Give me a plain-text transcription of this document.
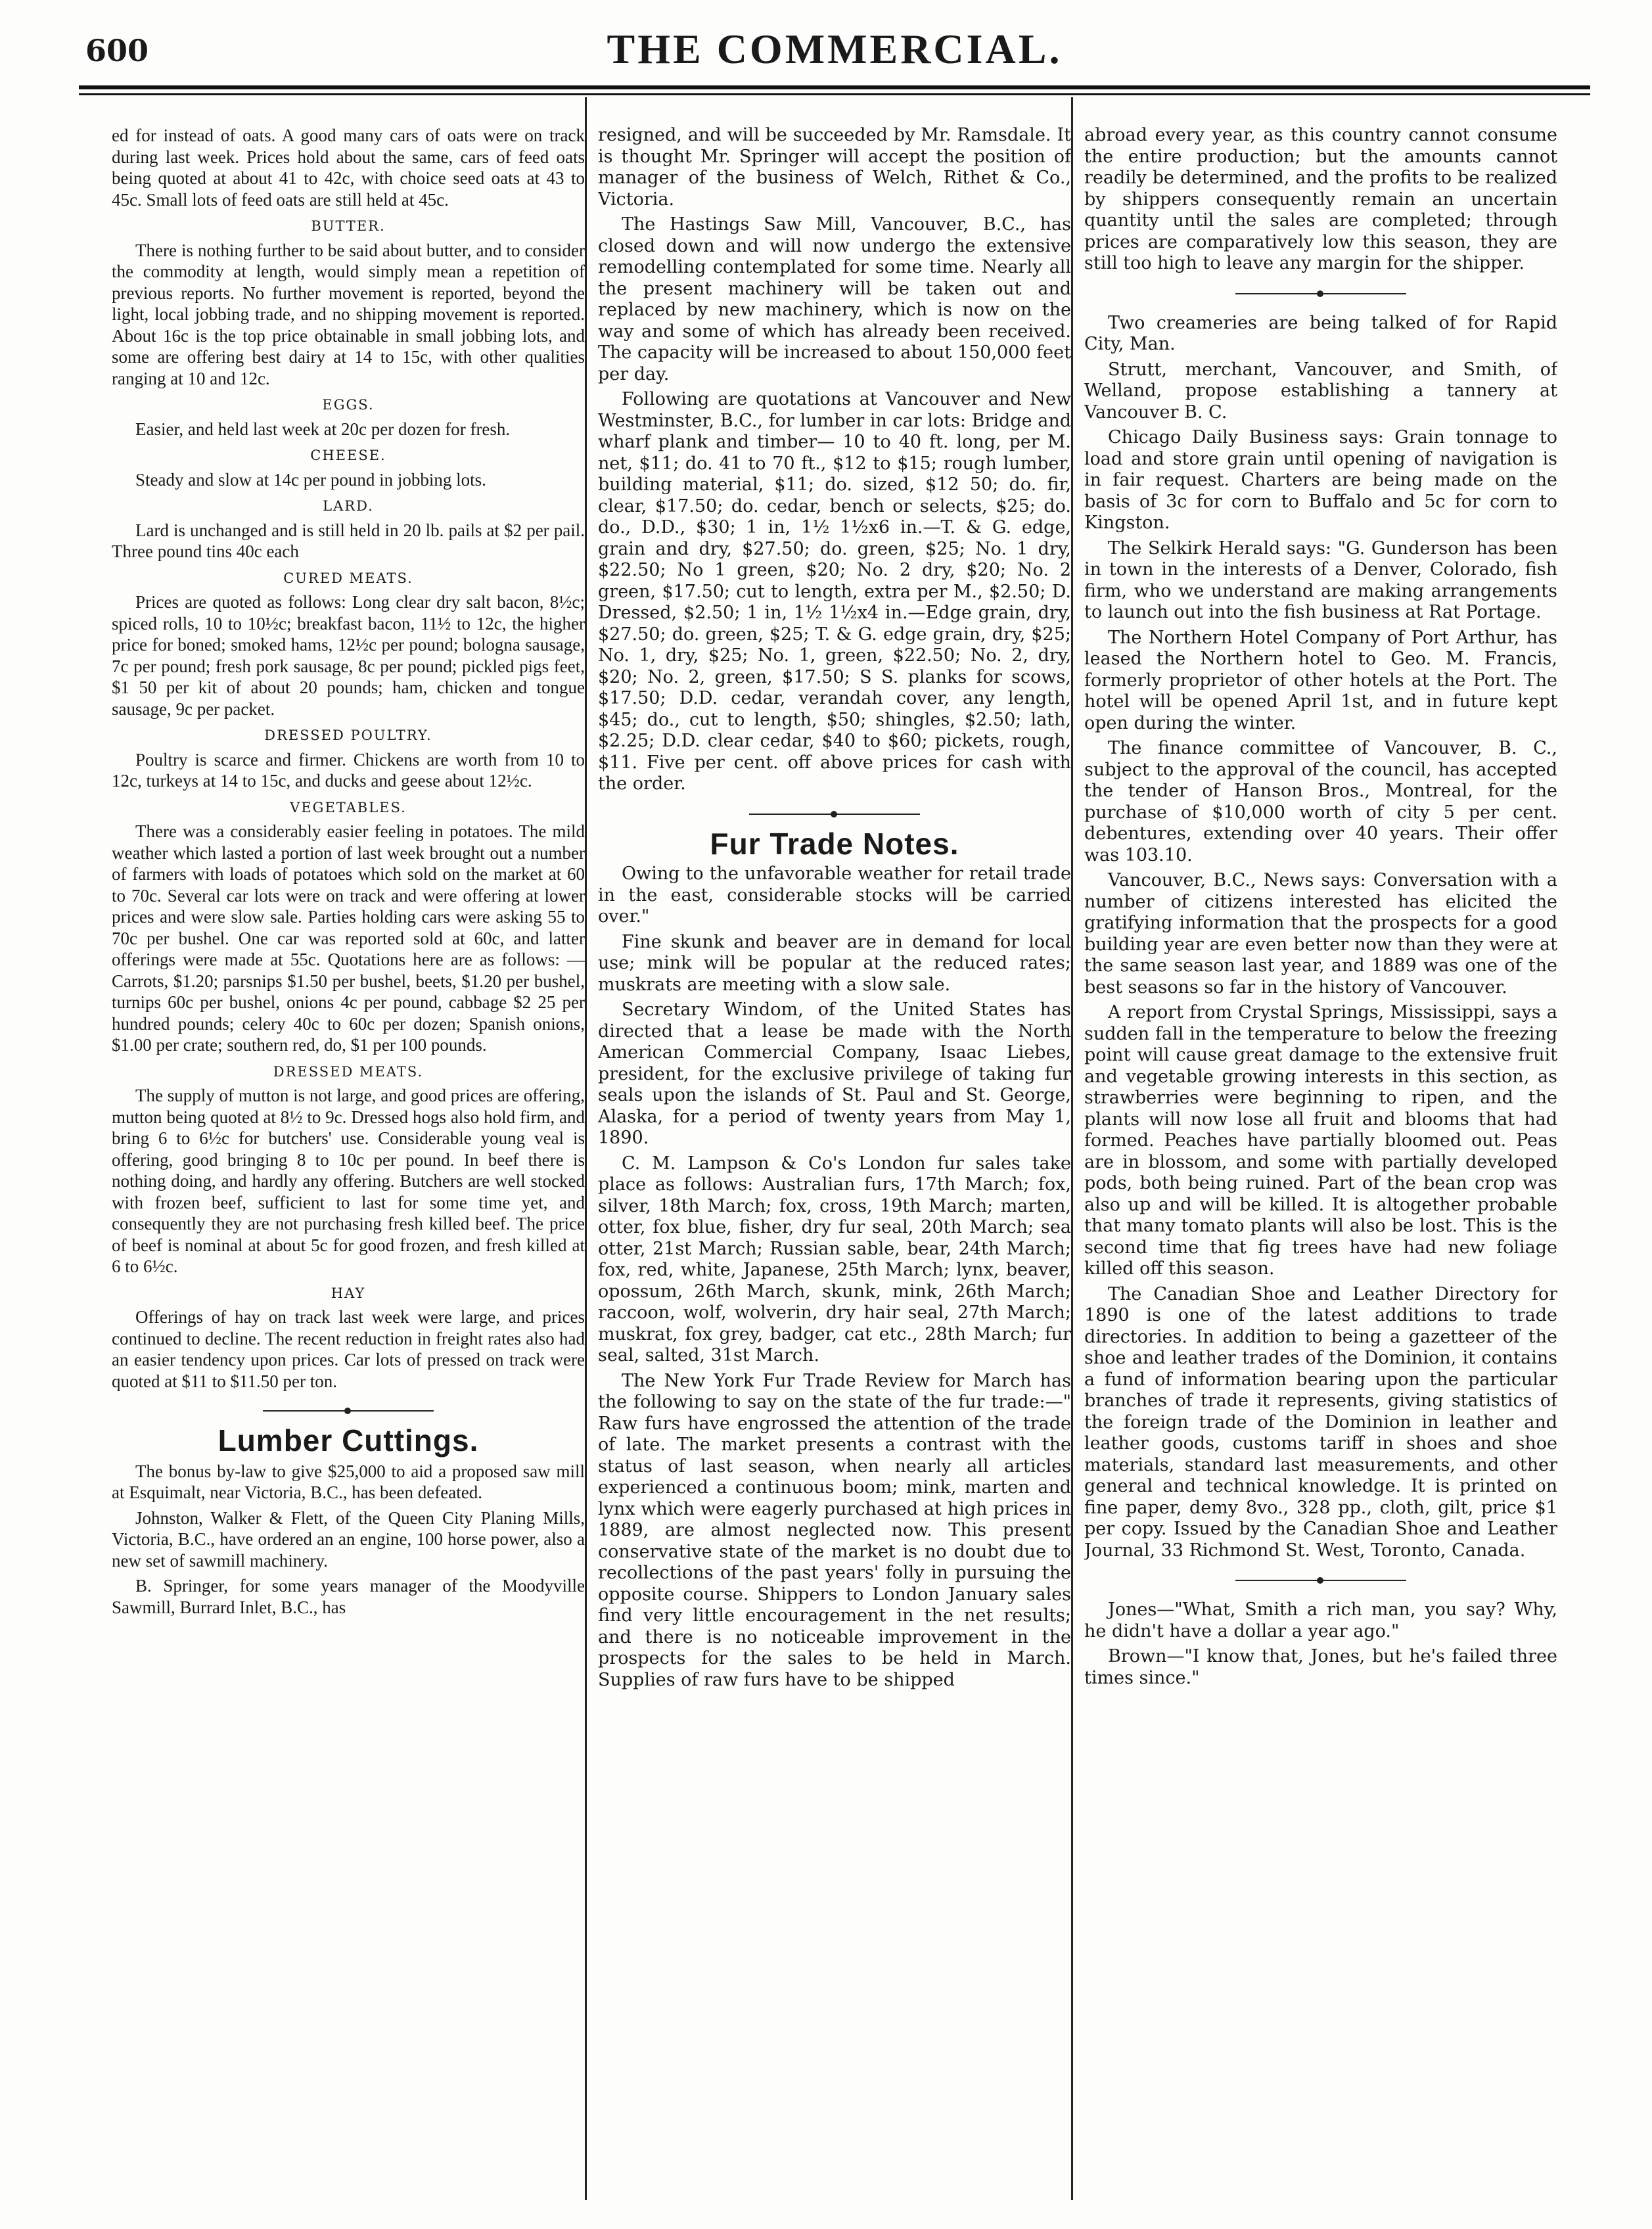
600	THE COMMERCIAL.

ed for instead of oats. A good many cars of oats were on track during last week. Prices hold about the same, cars of feed oats being quoted at about 41 to 42c, with choice seed oats at 43 to 45c. Small lots of feed oats are still held at 45c.

BUTTER.

There is nothing further to be said about butter, and to consider the commodity at length, would simply mean a repetition of previous reports. No further movement is reported, beyond the light, local jobbing trade, and no shipping movement is reported. About 16c is the top price obtainable in small jobbing lots, and some are offering best dairy at 14 to 15c, with other qualities ranging at 10 and 12c.

EGGS.

Easier, and held last week at 20c per dozen for fresh.

CHEESE.

Steady and slow at 14c per pound in jobbing lots.

LARD.

Lard is unchanged and is still held in 20 lb. pails at $2 per pail. Three pound tins 40c each

CURED MEATS.

Prices are quoted as follows: Long clear dry salt bacon, 8½c; spiced rolls, 10 to 10½c; breakfast bacon, 11½ to 12c, the higher price for boned; smoked hams, 12½c per pound; bologna sausage, 7c per pound; fresh pork sausage, 8c per pound; pickled pigs feet, $1 50 per kit of about 20 pounds; ham, chicken and tongue sausage, 9c per packet.

DRESSED POULTRY.

Poultry is scarce and firmer. Chickens are worth from 10 to 12c, turkeys at 14 to 15c, and ducks and geese about 12½c.

VEGETABLES.

There was a considerably easier feeling in potatoes. The mild weather which lasted a portion of last week brought out a number of farmers with loads of potatoes which sold on the market at 60 to 70c. Several car lots were on track and were offering at lower prices and were slow sale. Parties holding cars were asking 55 to 70c per bushel. One car was reported sold at 60c, and latter offerings were made at 55c. Quotations here are as follows: —Carrots, $1.20; parsnips $1.50 per bushel, beets, $1.20 per bushel, turnips 60c per bushel, onions 4c per pound, cabbage $2 25 per hundred pounds; celery 40c to 60c per dozen; Spanish onions, $1.00 per crate; southern red, do, $1 per 100 pounds.

DRESSED MEATS.

The supply of mutton is not large, and good prices are offering, mutton being quoted at 8½ to 9c. Dressed hogs also hold firm, and bring 6 to 6½c for butchers' use. Considerable young veal is offering, good bringing 8 to 10c per pound. In beef there is nothing doing, and hardly any offering. Butchers are well stocked with frozen beef, sufficient to last for some time yet, and consequently they are not purchasing fresh killed beef. The price of beef is nominal at about 5c for good frozen, and fresh killed at 6 to 6½c.

HAY

Offerings of hay on track last week were large, and prices continued to decline. The recent reduction in freight rates also had an easier tendency upon prices. Car lots of pressed on track were quoted at $11 to $11.50 per ton.

Lumber Cuttings.

The bonus by-law to give $25,000 to aid a proposed saw mill at Esquimalt, near Victoria, B.C., has been defeated.

Johnston, Walker & Flett, of the Queen City Planing Mills, Victoria, B.C., have ordered an an engine, 100 horse power, also a new set of sawmill machinery.

B. Springer, for some years manager of the Moodyville Sawmill, Burrard Inlet, B.C., has

resigned, and will be succeeded by Mr. Ramsdale. It is thought Mr. Springer will accept the position of manager of the business of Welch, Rithet & Co., Victoria.

The Hastings Saw Mill, Vancouver, B.C., has closed down and will now undergo the extensive remodelling contemplated for some time. Nearly all the present machinery will be taken out and replaced by new machinery, which is now on the way and some of which has already been received. The capacity will be increased to about 150,000 feet per day.

Following are quotations at Vancouver and New Westminster, B.C., for lumber in car lots: Bridge and wharf plank and timber— 10 to 40 ft. long, per M. net, $11; do. 41 to 70 ft., $12 to $15; rough lumber, building material, $11; do. sized, $12 50; do. fir, clear, $17.50; do. cedar, bench or selects, $25; do. do., D.D., $30; 1 in, 1½ 1½x6 in.—T. & G. edge, grain and dry, $27.50; do. green, $25; No. 1 dry, $22.50; No 1 green, $20; No. 2 dry, $20; No. 2 green, $17.50; cut to length, extra per M., $2.50; D. Dressed, $2.50; 1 in, 1½ 1½x4 in.—Edge grain, dry, $27.50; do. green, $25; T. & G. edge grain, dry, $25; No. 1, dry, $25; No. 1, green, $22.50; No. 2, dry, $20; No. 2, green, $17.50; S S. planks for scows, $17.50; D.D. cedar, verandah cover, any length, $45; do., cut to length, $50; shingles, $2.50; lath, $2.25; D.D. clear cedar, $40 to $60; pickets, rough, $11. Five per cent. off above prices for cash with the order.

Fur Trade Notes.

Owing to the unfavorable weather for retail trade in the east, considerable stocks will be carried over."

Fine skunk and beaver are in demand for local use; mink will be popular at the reduced rates; muskrats are meeting with a slow sale.

Secretary Windom, of the United States has directed that a lease be made with the North American Commercial Company, Isaac Liebes, president, for the exclusive privilege of taking fur seals upon the islands of St. Paul and St. George, Alaska, for a period of twenty years from May 1, 1890.

C. M. Lampson & Co's London fur sales take place as follows: Australian furs, 17th March; fox, silver, 18th March; fox, cross, 19th March; marten, otter, fox blue, fisher, dry fur seal, 20th March; sea otter, 21st March; Russian sable, bear, 24th March; fox, red, white, Japanese, 25th March; lynx, beaver, opossum, 26th March, skunk, mink, 26th March; raccoon, wolf, wolverin, dry hair seal, 27th March; muskrat, fox grey, badger, cat etc., 28th March; fur seal, salted, 31st March.

The New York Fur Trade Review for March has the following to say on the state of the fur trade:—" Raw furs have engrossed the attention of the trade of late. The market presents a contrast with the status of last season, when nearly all articles experienced a continuous boom; mink, marten and lynx which were eagerly purchased at high prices in 1889, are almost neglected now. This present conservative state of the market is no doubt due to recollections of the past years' folly in pursuing the opposite course. Shippers to London January sales find very little encouragement in the net results; and there is no noticeable improvement in the prospects for the sales to be held in March. Supplies of raw furs have to be shipped

abroad every year, as this country cannot consume the entire production; but the amounts cannot readily be determined, and the profits to be realized by shippers consequently remain an uncertain quantity until the sales are completed; through prices are comparatively low this season, they are still too high to leave any margin for the shipper.

Two creameries are being talked of for Rapid City, Man.

Strutt, merchant, Vancouver, and Smith, of Welland, propose establishing a tannery at Vancouver B. C.

Chicago Daily Business says: Grain tonnage to load and store grain until opening of navigation is in fair request. Charters are being made on the basis of 3c for corn to Buffalo and 5c for corn to Kingston.

The Selkirk Herald says: "G. Gunderson has been in town in the interests of a Denver, Colorado, fish firm, who we understand are making arrangements to launch out into the fish business at Rat Portage.

The Northern Hotel Company of Port Arthur, has leased the Northern hotel to Geo. M. Francis, formerly proprietor of other hotels at the Port. The hotel will be opened April 1st, and in future kept open during the winter.

The finance committee of Vancouver, B. C., subject to the approval of the council, has accepted the tender of Hanson Bros., Montreal, for the purchase of $10,000 worth of city 5 per cent. debentures, extending over 40 years. Their offer was 103.10.

Vancouver, B.C., News says: Conversation with a number of citizens interested has elicited the gratifying information that the prospects for a good building year are even better now than they were at the same season last year, and 1889 was one of the best seasons so far in the history of Vancouver.

A report from Crystal Springs, Mississippi, says a sudden fall in the temperature to below the freezing point will cause great damage to the extensive fruit and vegetable growing interests in this section, as strawberries were beginning to ripen, and the plants will now lose all fruit and blooms that had formed. Peaches have partially bloomed out. Peas are in blossom, and some with partially developed pods, both being ruined. Part of the bean crop was also up and will be killed. It is altogether probable that many tomato plants will also be lost. This is the second time that fig trees have had new foliage killed off this season.

The Canadian Shoe and Leather Directory for 1890 is one of the latest additions to trade directories. In addition to being a gazetteer of the shoe and leather trades of the Dominion, it contains a fund of information bearing upon the particular branches of trade it represents, giving statistics of the foreign trade of the Dominion in leather and leather goods, customs tariff in shoes and shoe materials, standard last measurements, and other general and technical knowledge. It is printed on fine paper, demy 8vo., 328 pp., cloth, gilt, price $1 per copy. Issued by the Canadian Shoe and Leather Journal, 33 Richmond St. West, Toronto, Canada.

Jones—"What, Smith a rich man, you say? Why, he didn't have a dollar a year ago."

Brown—"I know that, Jones, but he's failed three times since."
